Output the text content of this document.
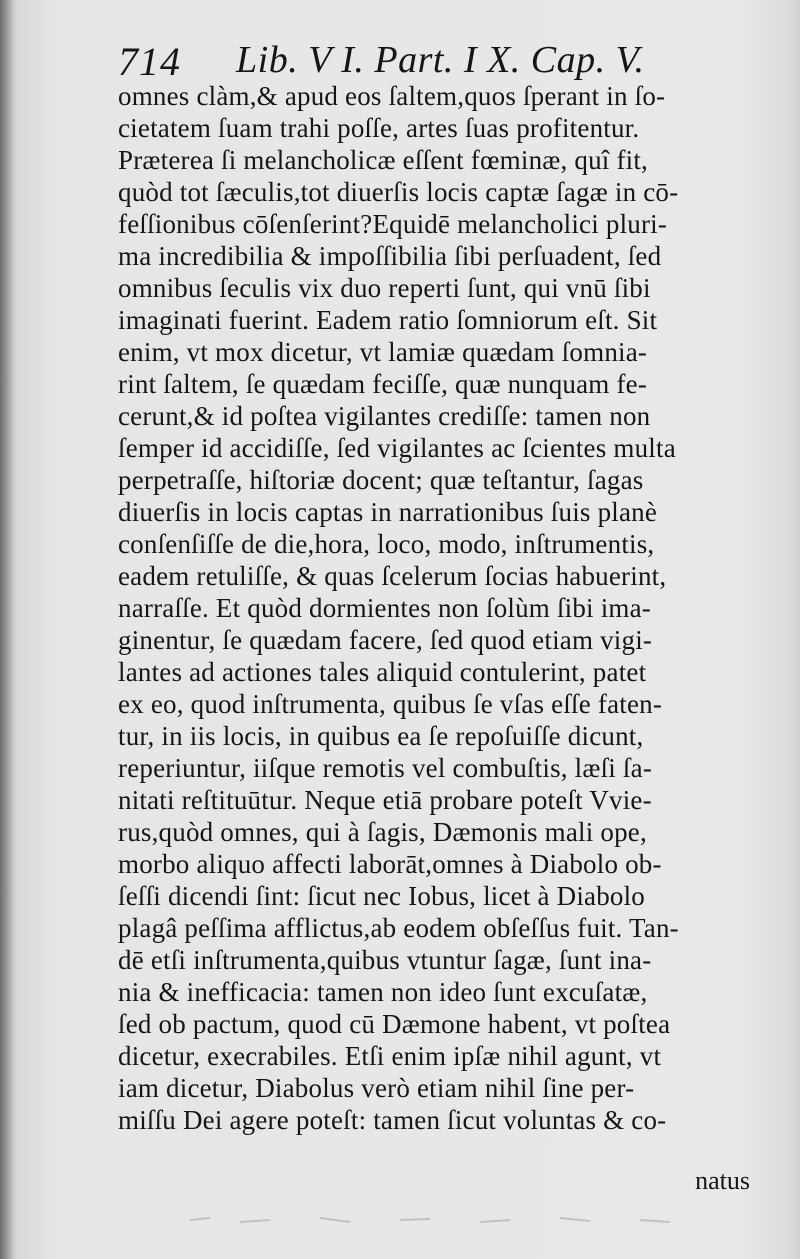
714 Lib. V I. Part. I X. Cap. V.
omnes clàm,& apud eos ſaltem,quos ſperant in ſo-
cietatem ſuam trahi poſſe, artes ſuas profitentur.
Præterea ſi melancholicæ eſſent fœminæ, quî fit,
quòd tot ſæculis,tot diuerſis locis captæ ſagæ in cō-
feſſionibus cōſenſerint?Equidē melancholici pluri-
ma incredibilia & impoſſibilia ſibi perſuadent, ſed
omnibus ſeculis vix duo reperti ſunt, qui vnū ſibi
imaginati fuerint. Eadem ratio ſomniorum eſt. Sit
enim, vt mox dicetur, vt lamiæ quædam ſomnia-
rint ſaltem, ſe quædam feciſſe, quæ nunquam fe-
cerunt,& id poſtea vigilantes crediſſe: tamen non
ſemper id accidiſſe, ſed vigilantes ac ſcientes multa
perpetraſſe, hiſtoriæ docent; quæ teſtantur, ſagas
diuerſis in locis captas in narrationibus ſuis planè
conſenſiſſe de die,hora, loco, modo, inſtrumentis,
eadem retuliſſe, & quas ſcelerum ſocias habuerint,
narraſſe. Et quòd dormientes non ſolùm ſibi ima-
ginentur, ſe quædam facere, ſed quod etiam vigi-
lantes ad actiones tales aliquid contulerint, patet
ex eo, quod inſtrumenta, quibus ſe vſas eſſe faten-
tur, in iis locis, in quibus ea ſe repoſuiſſe dicunt,
reperiuntur, iiſque remotis vel combuſtis, læſi ſa-
nitati reſtituūtur. Neque etiā probare poteſt Vvie-
rus,quòd omnes, qui à ſagis, Dæmonis mali ope,
morbo aliquo affecti laborāt,omnes à Diabolo ob-
ſeſſi dicendi ſint: ſicut nec Iobus, licet à Diabolo
plagâ peſſima afflictus,ab eodem obſeſſus fuit. Tan-
dē etſi inſtrumenta,quibus vtuntur ſagæ, ſunt ina-
nia & inefficacia: tamen non ideo ſunt excuſatæ,
ſed ob pactum, quod cū Dæmone habent, vt poſtea
dicetur, execrabiles. Etſi enim ipſæ nihil agunt, vt
iam dicetur, Diabolus verò etiam nihil ſine per-
miſſu Dei agere poteſt: tamen ſicut voluntas & co-
natus
